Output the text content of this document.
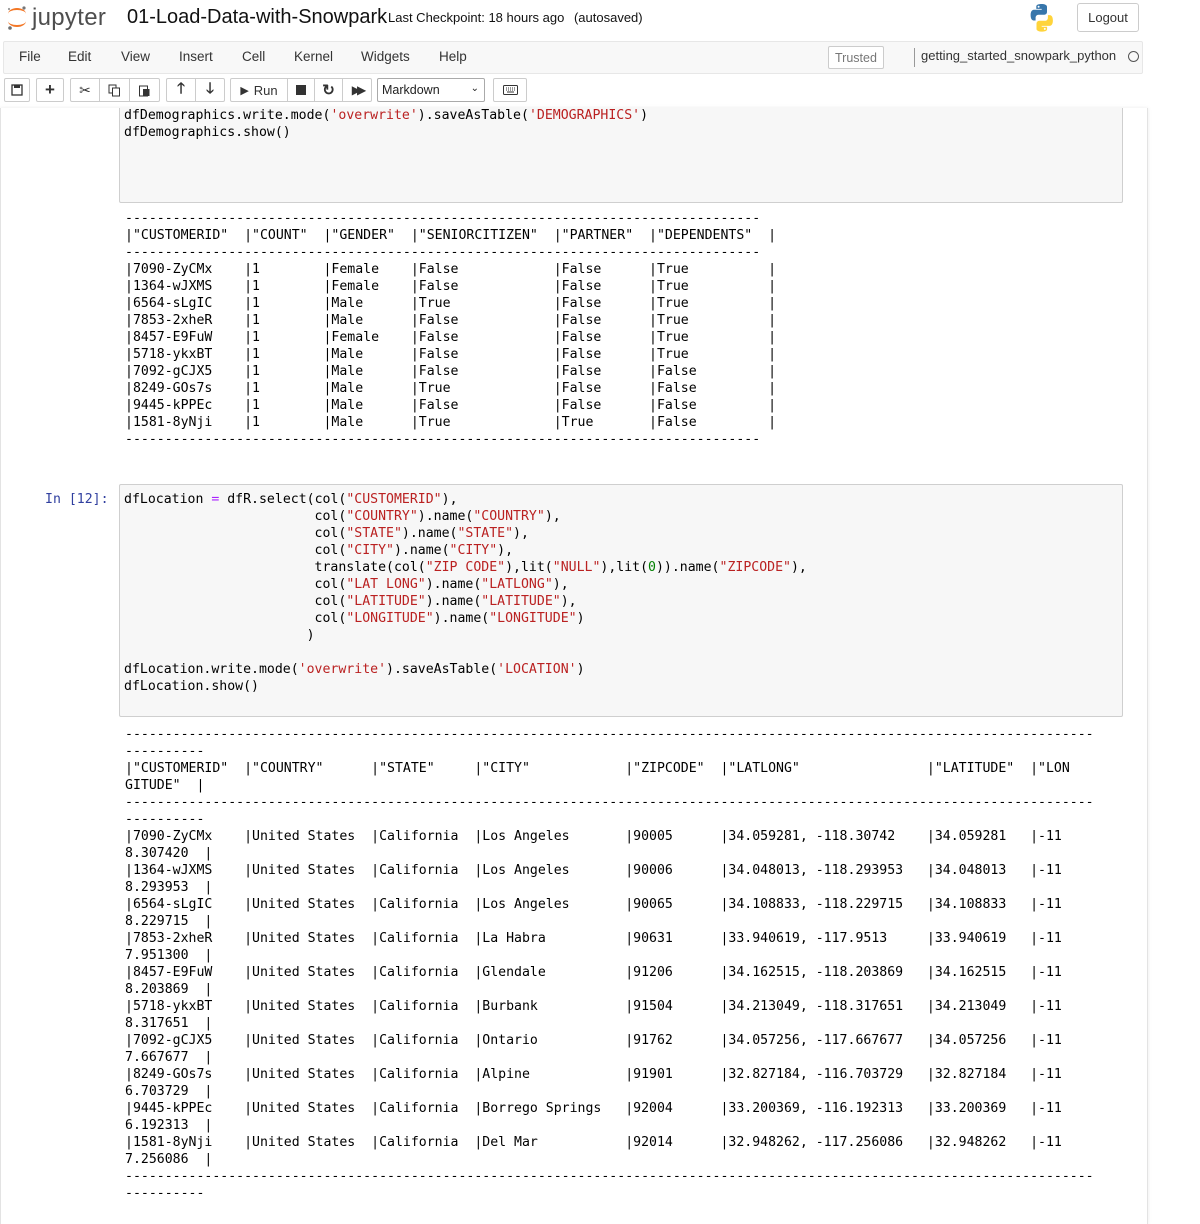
jupyter 01-Load-Data-with-Snowpark Last Checkpoint: 18 hours ago (autosaved)	Logout
File Edit View Insert Cell Kernel Widgets Help	Trusted	getting_started_snowpark_python
+ ✂	🡑 🡓 ▶ Run	↻ ▶▶ Markdown	⌄

dfDemographics.write.mode('overwrite').saveAsTable('DEMOGRAPHICS')
dfDemographics.show()
--------------------------------------------------------------------------------
|"CUSTOMERID"  |"COUNT"  |"GENDER"  |"SENIORCITIZEN"  |"PARTNER"  |"DEPENDENTS"  |
--------------------------------------------------------------------------------
|7090-ZyCMx    |1        |Female    |False            |False      |True          |
|1364-wJXMS    |1        |Female    |False            |False      |True          |
|6564-sLgIC    |1        |Male      |True             |False      |True          |
|7853-2xheR    |1        |Male      |False            |False      |True          |
|8457-E9FuW    |1        |Female    |False            |False      |True          |
|5718-ykxBT    |1        |Male      |False            |False      |True          |
|7092-gCJX5    |1        |Male      |False            |False      |False         |
|8249-GOs7s    |1        |Male      |True             |False      |False         |
|9445-kPPEc    |1        |Male      |False            |False      |False         |
|1581-8yNji    |1        |Male      |True             |True       |False         |
--------------------------------------------------------------------------------
In [12]:	dfLocation = dfR.select(col("CUSTOMERID"),
col("COUNTRY").name("COUNTRY"),
col("STATE").name("STATE"),
col("CITY").name("CITY"),
translate(col("ZIP CODE"),lit("NULL"),lit(0)).name("ZIPCODE"),
col("LAT LONG").name("LATLONG"),
col("LATITUDE").name("LATITUDE"),
col("LONGITUDE").name("LONGITUDE")
)

dfLocation.write.mode('overwrite').saveAsTable('LOCATION')
dfLocation.show()
--------------------------------------------------------------------------------------------------------------------------
----------
|"CUSTOMERID"  |"COUNTRY"      |"STATE"     |"CITY"            |"ZIPCODE"  |"LATLONG"                |"LATITUDE"  |"LON
GITUDE"  |
--------------------------------------------------------------------------------------------------------------------------
----------
|7090-ZyCMx    |United States  |California  |Los Angeles       |90005      |34.059281, -118.30742    |34.059281   |-11
8.307420  |
|1364-wJXMS    |United States  |California  |Los Angeles       |90006      |34.048013, -118.293953   |34.048013   |-11
8.293953  |
|6564-sLgIC    |United States  |California  |Los Angeles       |90065      |34.108833, -118.229715   |34.108833   |-11
8.229715  |
|7853-2xheR    |United States  |California  |La Habra          |90631      |33.940619, -117.9513     |33.940619   |-11
7.951300  |
|8457-E9FuW    |United States  |California  |Glendale          |91206      |34.162515, -118.203869   |34.162515   |-11
8.203869  |
|5718-ykxBT    |United States  |California  |Burbank           |91504      |34.213049, -118.317651   |34.213049   |-11
8.317651  |
|7092-gCJX5    |United States  |California  |Ontario           |91762      |34.057256, -117.667677   |34.057256   |-11
7.667677  |
|8249-GOs7s    |United States  |California  |Alpine            |91901      |32.827184, -116.703729   |32.827184   |-11
6.703729  |
|9445-kPPEc    |United States  |California  |Borrego Springs   |92004      |33.200369, -116.192313   |33.200369   |-11
6.192313  |
|1581-8yNji    |United States  |California  |Del Mar           |92014      |32.948262, -117.256086   |32.948262   |-11
7.256086  |
--------------------------------------------------------------------------------------------------------------------------
----------
